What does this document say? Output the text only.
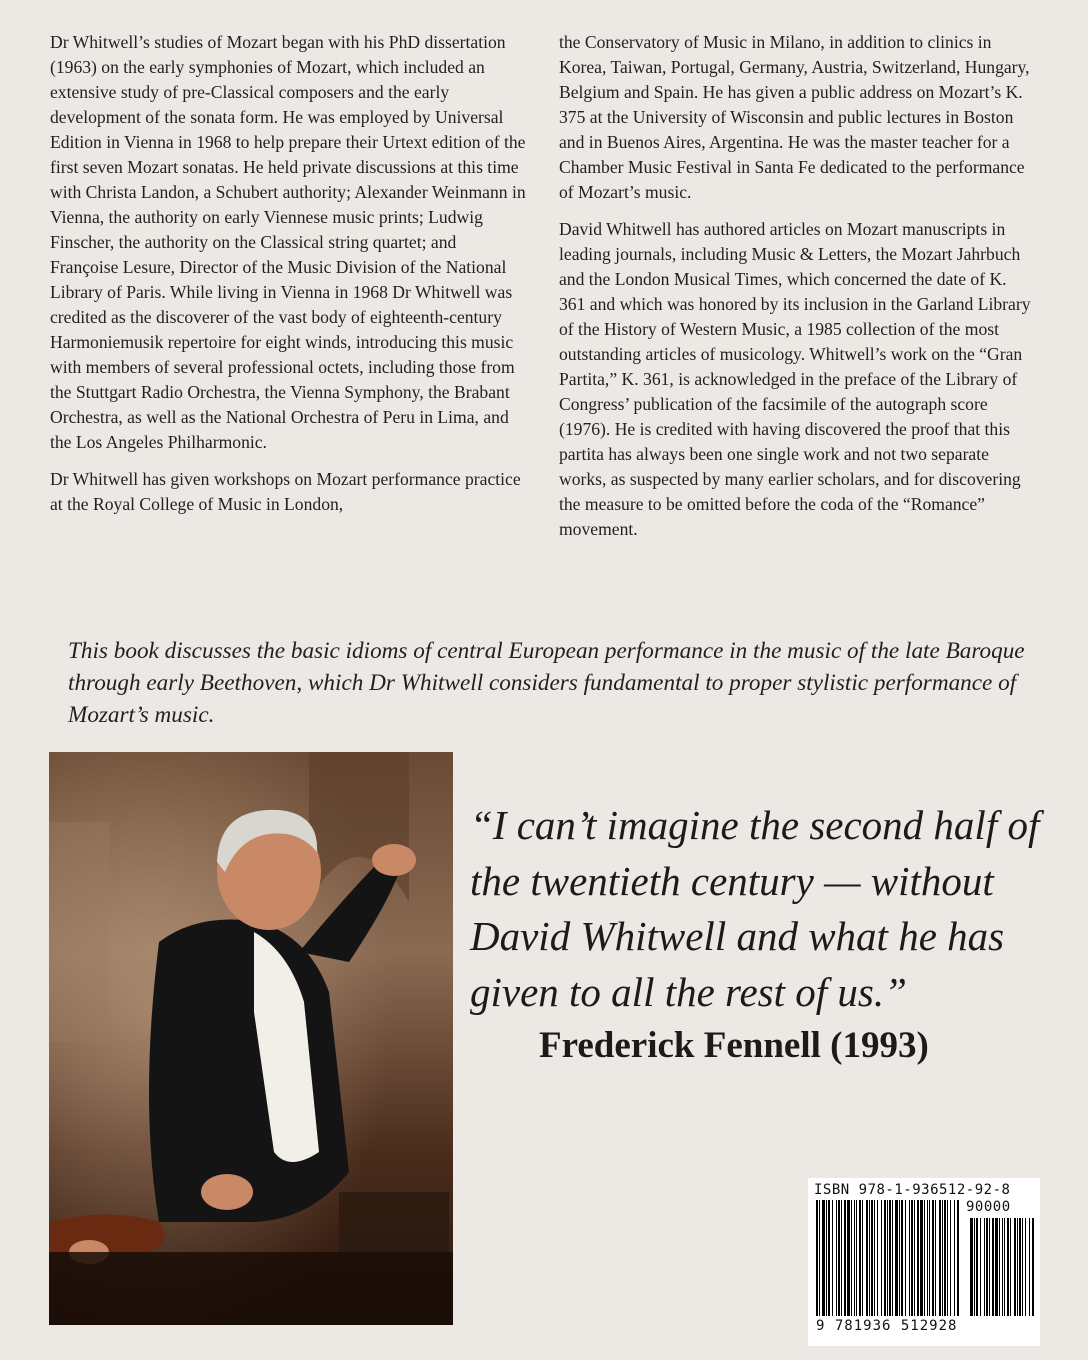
Dr Whitwell’s studies of Mozart began with his PhD dissertation (1963) on the early symphonies of Mozart, which included an extensive study of pre-Classical composers and the early development of the sonata form. He was employed by Universal Edition in Vienna in 1968 to help prepare their Urtext edition of the first seven Mozart sonatas. He held private discussions at this time with Christa Landon, a Schubert authority; Alexander Weinmann in Vienna, the authority on early Viennese music prints; Ludwig Finscher, the authority on the Classical string quartet; and Françoise Lesure, Director of the Music Division of the National Library of Paris. While living in Vienna in 1968 Dr Whitwell was credited as the discoverer of the vast body of eighteenth-century Harmoniemusik repertoire for eight winds, introducing this music with members of several professional octets, including those from the Stuttgart Radio Orchestra, the Vienna Symphony, the Brabant Orchestra, as well as the National Orchestra of Peru in Lima, and the Los Angeles Philharmonic.

Dr Whitwell has given workshops on Mozart performance practice at the Royal College of Music in London,

the Conservatory of Music in Milano, in addition to clinics in Korea, Taiwan, Portugal, Germany, Austria, Switzerland, Hungary, Belgium and Spain. He has given a public address on Mozart’s K. 375 at the University of Wisconsin and public lectures in Boston and in Buenos Aires, Argentina. He was the master teacher for a Chamber Music Festival in Santa Fe dedicated to the performance of Mozart’s music.

David Whitwell has authored articles on Mozart manuscripts in leading journals, including Music & Letters, the Mozart Jahrbuch and the London Musical Times, which concerned the date of K. 361 and which was honored by its inclusion in the Garland Library of the History of Western Music, a 1985 collection of the most outstanding articles of musicology. Whitwell’s work on the “Gran Partita,” K. 361, is acknowledged in the preface of the Library of Congress’ publication of the facsimile of the autograph score (1976). He is credited with having discovered the proof that this partita has always been one single work and not two separate works, as suspected by many earlier scholars, and for discovering the measure to be omitted before the coda of the “Romance” movement.

This book discusses the basic idioms of central European performance in the music of the late Baroque through early Beethoven, which Dr Whitwell considers fundamental to proper stylistic performance of Mozart’s music.
“I can’t imagine the second half of the twentieth century — without David Whitwell and what he has given to all the rest of us.”
Frederick Fennell (1993)
ISBN 978-1-936512-92-8
90000
9 781936 512928
